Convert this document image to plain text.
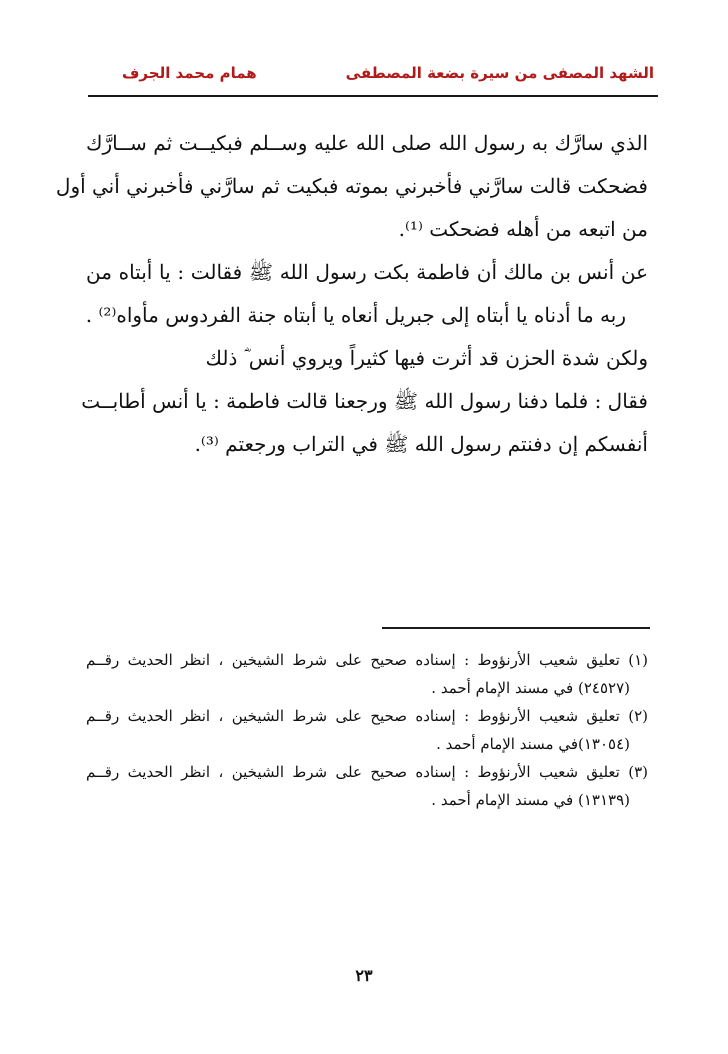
الشهد المصفى من سيرة بضعة المصطفى
همام محمد الجرف
الذي سارَّك به رسول الله صلى الله عليه وســلم فبكيــت ثم ســارَّك
فضحكت قالت سارَّني فأخبرني بموته فبكيت ثم سارَّني فأخبرني أني أول
من اتبعه من أهله فضحكت ⁽¹⁾.
عن أنس بن مالك أن فاطمة بكت رسول الله ﷺ فقالت : يا أبتاه من
ربه ما أدناه يا أبتاه إلى جبريل أنعاه يا أبتاه جنة الفردوس مأواه⁽²⁾ .
ولكن شدة الحزن قد أثرت فيها كثيراً ويروي أنس ؓ ذلك
فقال : فلما دفنا رسول الله ﷺ ورجعنا قالت فاطمة : يا أنس أطابــت
أنفسكم إن دفنتم رسول الله ﷺ في التراب ورجعتم ⁽³⁾.
(١) تعليق شعيب الأرنؤوط : إسناده صحيح على شرط الشيخين ، انظر الحديث رقــم
(٢٤٥٢٧) في مسند الإمام أحمد .
(٢) تعليق شعيب الأرنؤوط : إسناده صحيح على شرط الشيخين ، انظر الحديث رقــم
(١٣٠٥٤)في مسند الإمام أحمد .
(٣) تعليق شعيب الأرنؤوط : إسناده صحيح على شرط الشيخين ، انظر الحديث رقــم
(١٣١٣٩) في مسند الإمام أحمد .
٢٣
